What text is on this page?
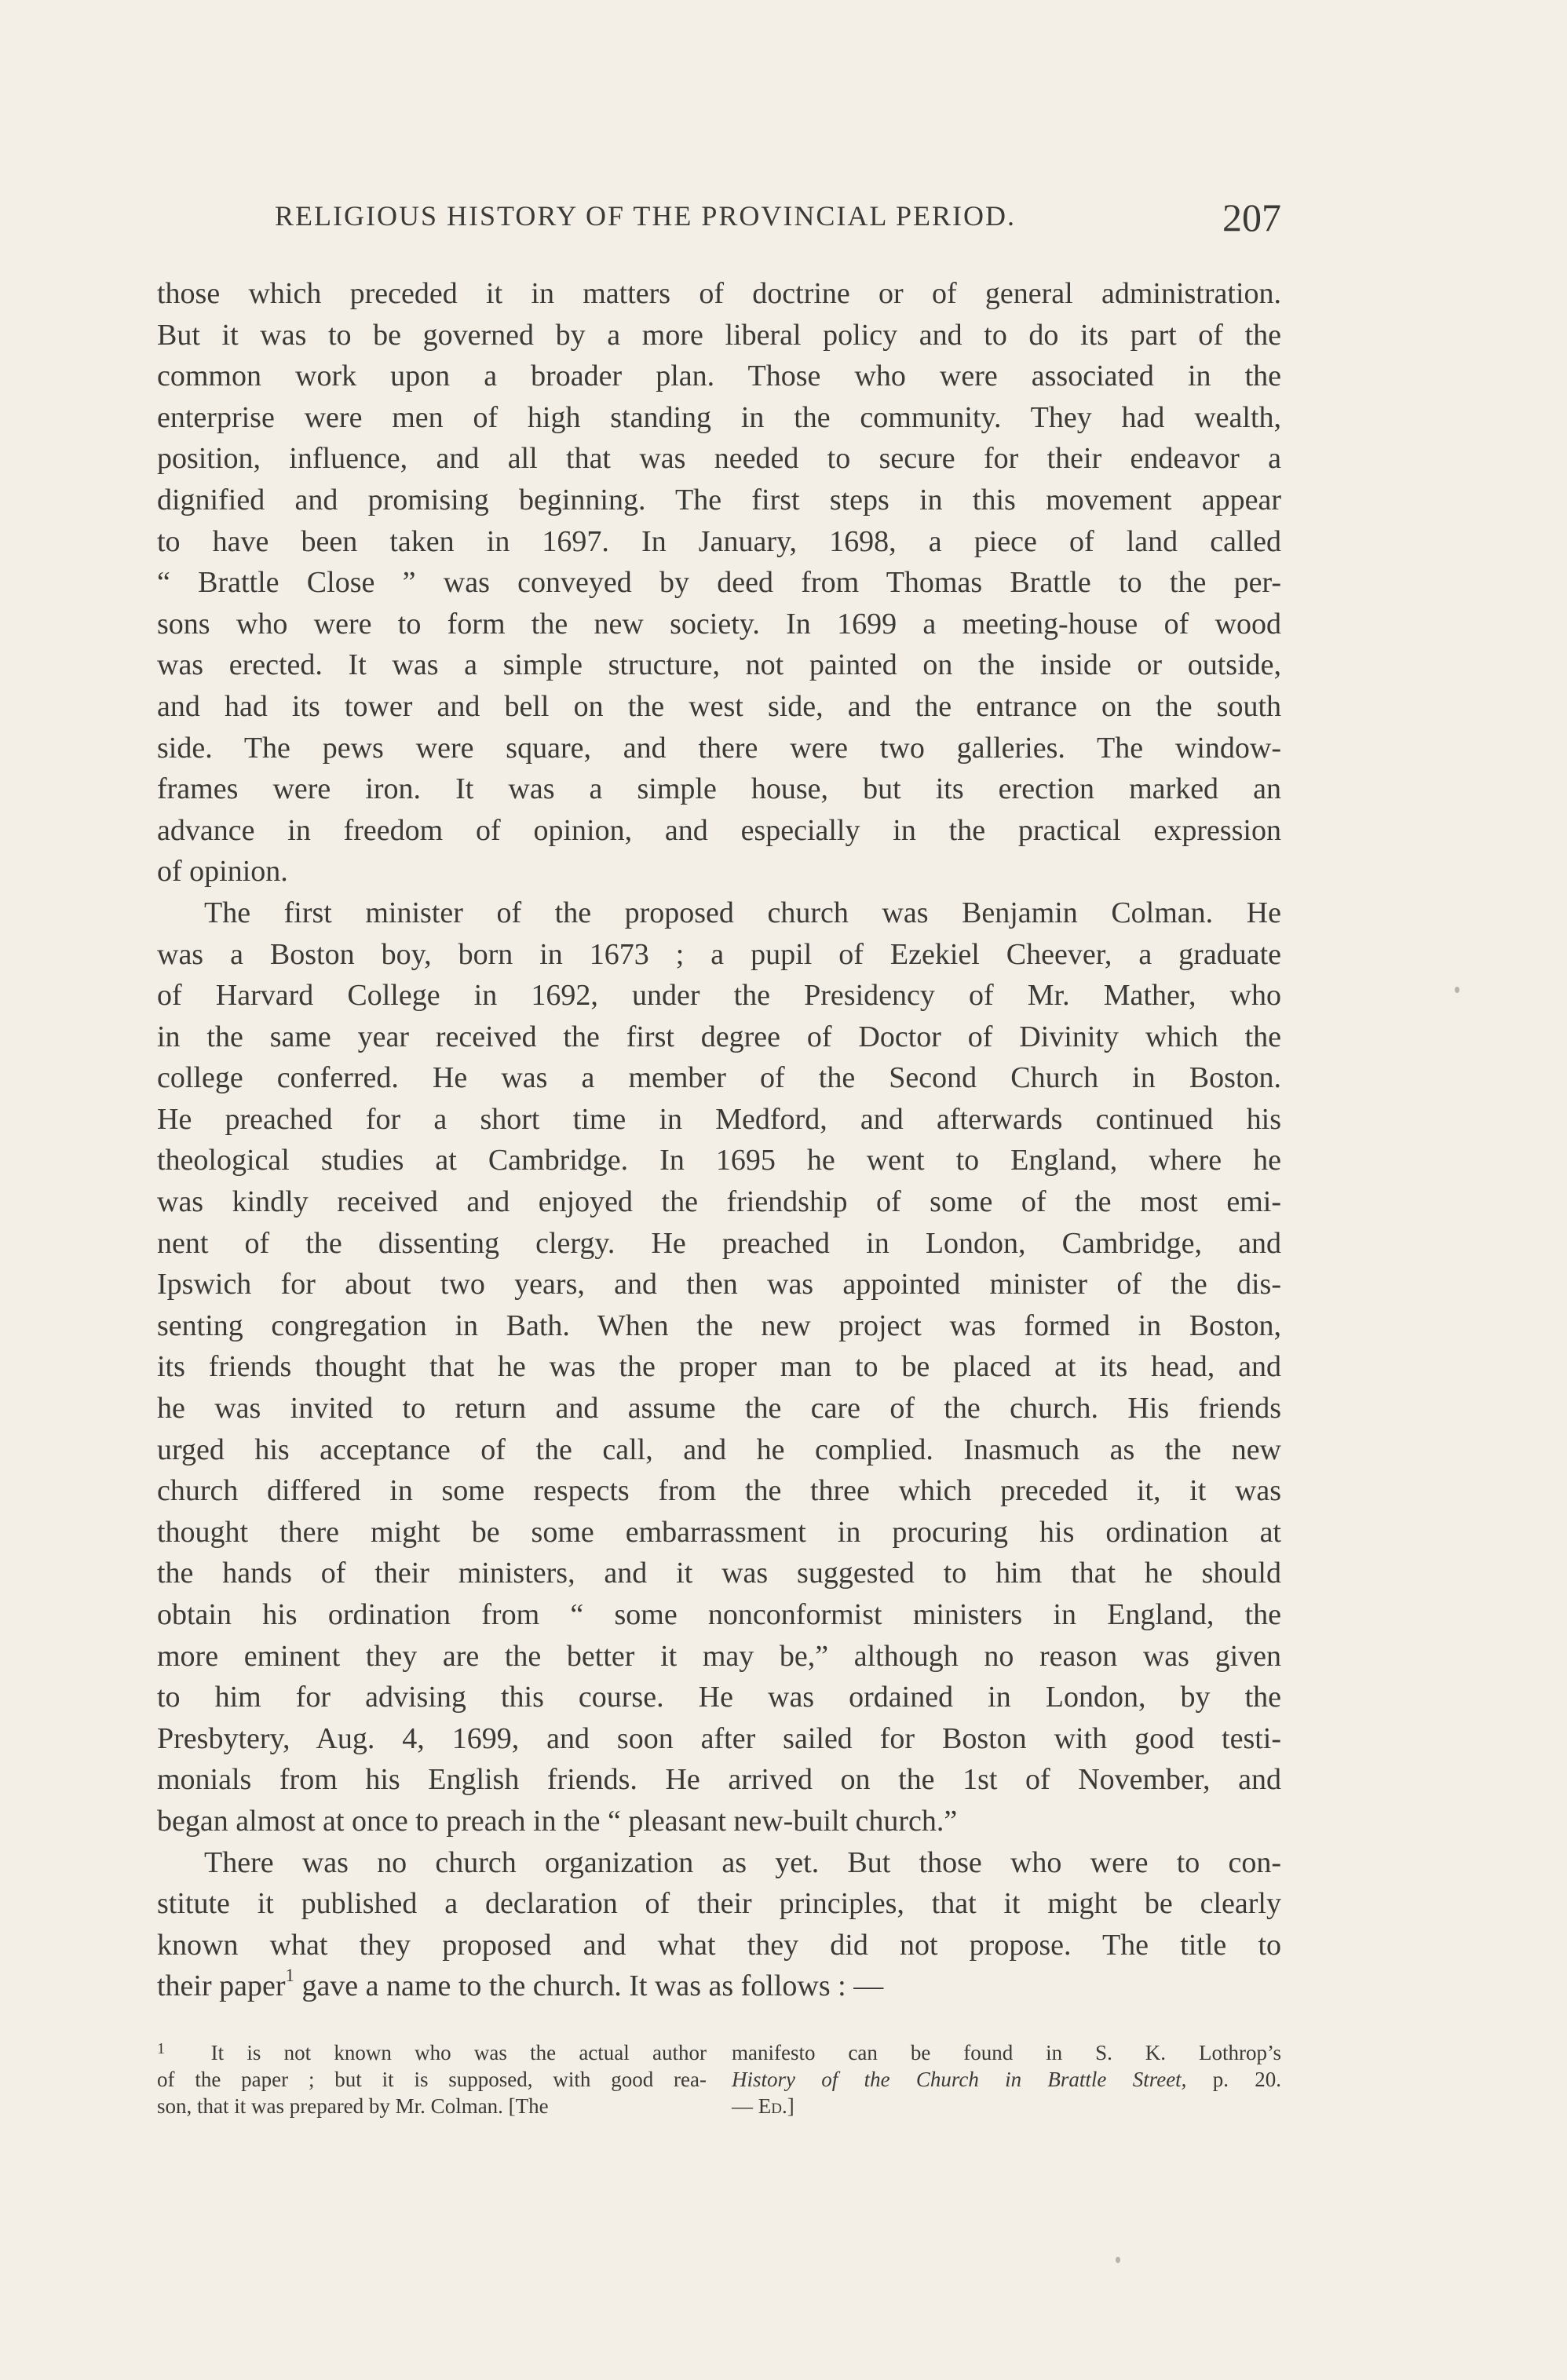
RELIGIOUS HISTORY OF THE PROVINCIAL PERIOD.	207
those which preceded it in matters of doctrine or of general administration.
But it was to be governed by a more liberal policy and to do its part of the
common work upon a broader plan. Those who were associated in the
enterprise were men of high standing in the community. They had wealth,
position, influence, and all that was needed to secure for their endeavor a
dignified and promising beginning. The first steps in this movement appear
to have been taken in 1697. In January, 1698, a piece of land called
“ Brattle Close ” was conveyed by deed from Thomas Brattle to the per-
sons who were to form the new society. In 1699 a meeting-house of wood
was erected. It was a simple structure, not painted on the inside or outside,
and had its tower and bell on the west side, and the entrance on the south
side. The pews were square, and there were two galleries. The window-
frames were iron. It was a simple house, but its erection marked an
advance in freedom of opinion, and especially in the practical expression
of opinion.
The first minister of the proposed church was Benjamin Colman. He
was a Boston boy, born in 1673 ; a pupil of Ezekiel Cheever, a graduate
of Harvard College in 1692, under the Presidency of Mr. Mather, who
in the same year received the first degree of Doctor of Divinity which the
college conferred. He was a member of the Second Church in Boston.
He preached for a short time in Medford, and afterwards continued his
theological studies at Cambridge. In 1695 he went to England, where he
was kindly received and enjoyed the friendship of some of the most emi-
nent of the dissenting clergy. He preached in London, Cambridge, and
Ipswich for about two years, and then was appointed minister of the dis-
senting congregation in Bath. When the new project was formed in Boston,
its friends thought that he was the proper man to be placed at its head, and
he was invited to return and assume the care of the church. His friends
urged his acceptance of the call, and he complied. Inasmuch as the new
church differed in some respects from the three which preceded it, it was
thought there might be some embarrassment in procuring his ordination at
the hands of their ministers, and it was suggested to him that he should
obtain his ordination from “ some nonconformist ministers in England, the
more eminent they are the better it may be,” although no reason was given
to him for advising this course. He was ordained in London, by the
Presbytery, Aug. 4, 1699, and soon after sailed for Boston with good testi-
monials from his English friends. He arrived on the 1st of November, and
began almost at once to preach in the “ pleasant new-built church.”
There was no church organization as yet. But those who were to con-
stitute it published a declaration of their principles, that it might be clearly
known what they proposed and what they did not propose. The title to
their paper$^1$ gave a name to the church. It was as follows : —
$^1$ It is not known who was the actual author
of the paper ; but it is supposed, with good rea-
son, that it was prepared by Mr. Colman. [The
manifesto can be found in S. K. Lothrop’s
History of the Church in Brattle Street, p. 20.
— Ed.]
